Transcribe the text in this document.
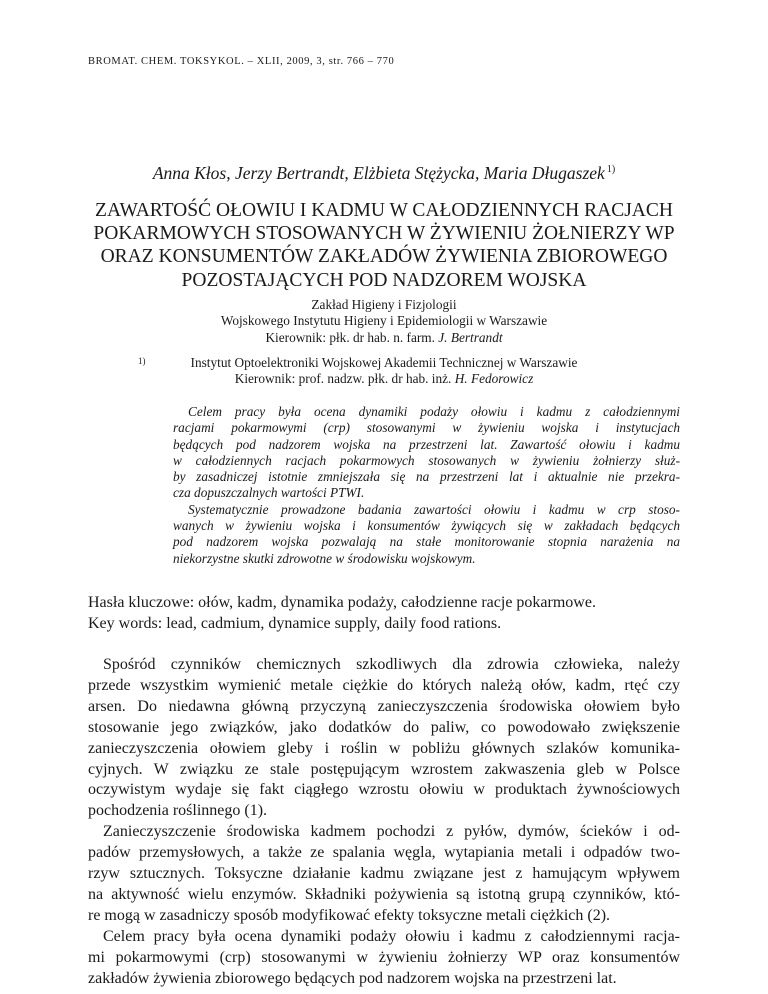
BROMAT. CHEM. TOKSYKOL. – XLII, 2009, 3, str. 766 – 770
Anna Kłos, Jerzy Bertrandt, Elżbieta Stężycka, Maria Długaszek $^{1)}$
ZAWARTOŚĆ OŁOWIU I KADMU W CAŁODZIENNYCH RACJACH
POKARMOWYCH STOSOWANYCH W ŻYWIENIU ŻOŁNIERZY WP
ORAZ KONSUMENTÓW ZAKŁADÓW ŻYWIENIA ZBIOROWEGO
POZOSTAJĄCYCH POD NADZOREM WOJSKA
Zakład Higieny i Fizjologii
Wojskowego Instytutu Higieny i Epidemiologii w Warszawie
Kierownik: płk. dr hab. n. farm. J. Bertrandt
1)	Instytut Optoelektroniki Wojskowej Akademii Technicznej w Warszawie
Kierownik: prof. nadzw. płk. dr hab. inż. H. Fedorowicz
Celem pracy była ocena dynamiki podaży ołowiu i kadmu z całodziennymi
racjami pokarmowymi (crp) stosowanymi w żywieniu wojska i instytucjach
będących pod nadzorem wojska na przestrzeni lat. Zawartość ołowiu i kadmu
w całodziennych racjach pokarmowych stosowanych w żywieniu żołnierzy służ-
by zasadniczej istotnie zmniejszała się na przestrzeni lat i aktualnie nie przekra-
cza dopuszczalnych wartości PTWI.
Systematycznie prowadzone badania zawartości ołowiu i kadmu w crp stoso-
wanych w żywieniu wojska i konsumentów żywiących się w zakładach będących
pod nadzorem wojska pozwalają na stałe monitorowanie stopnia narażenia na
niekorzystne skutki zdrowotne w środowisku wojskowym.
Hasła kluczowe: ołów, kadm, dynamika podaży, całodzienne racje pokarmowe.
Key words: lead, cadmium, dynamice supply, daily food rations.
Spośród czynników chemicznych szkodliwych dla zdrowia człowieka, należy
przede wszystkim wymienić metale ciężkie do których należą ołów, kadm, rtęć czy
arsen. Do niedawna główną przyczyną zanieczyszczenia środowiska ołowiem było
stosowanie jego związków, jako dodatków do paliw, co powodowało zwiększenie
zanieczyszczenia ołowiem gleby i roślin w pobliżu głównych szlaków komunika-
cyjnych. W związku ze stale postępującym wzrostem zakwaszenia gleb w Polsce
oczywistym wydaje się fakt ciągłego wzrostu ołowiu w produktach żywnościowych
pochodzenia roślinnego (1).
Zanieczyszczenie środowiska kadmem pochodzi z pyłów, dymów, ścieków i od-
padów przemysłowych, a także ze spalania węgla, wytapiania metali i odpadów two-
rzyw sztucznych. Toksyczne działanie kadmu związane jest z hamującym wpływem
na aktywność wielu enzymów. Składniki pożywienia są istotną grupą czynników, któ-
re mogą w zasadniczy sposób modyfikować efekty toksyczne metali ciężkich (2).
Celem pracy była ocena dynamiki podaży ołowiu i kadmu z całodziennymi racja-
mi pokarmowymi (crp) stosowanymi w żywieniu żołnierzy WP oraz konsumentów
zakładów żywienia zbiorowego będących pod nadzorem wojska na przestrzeni lat.
